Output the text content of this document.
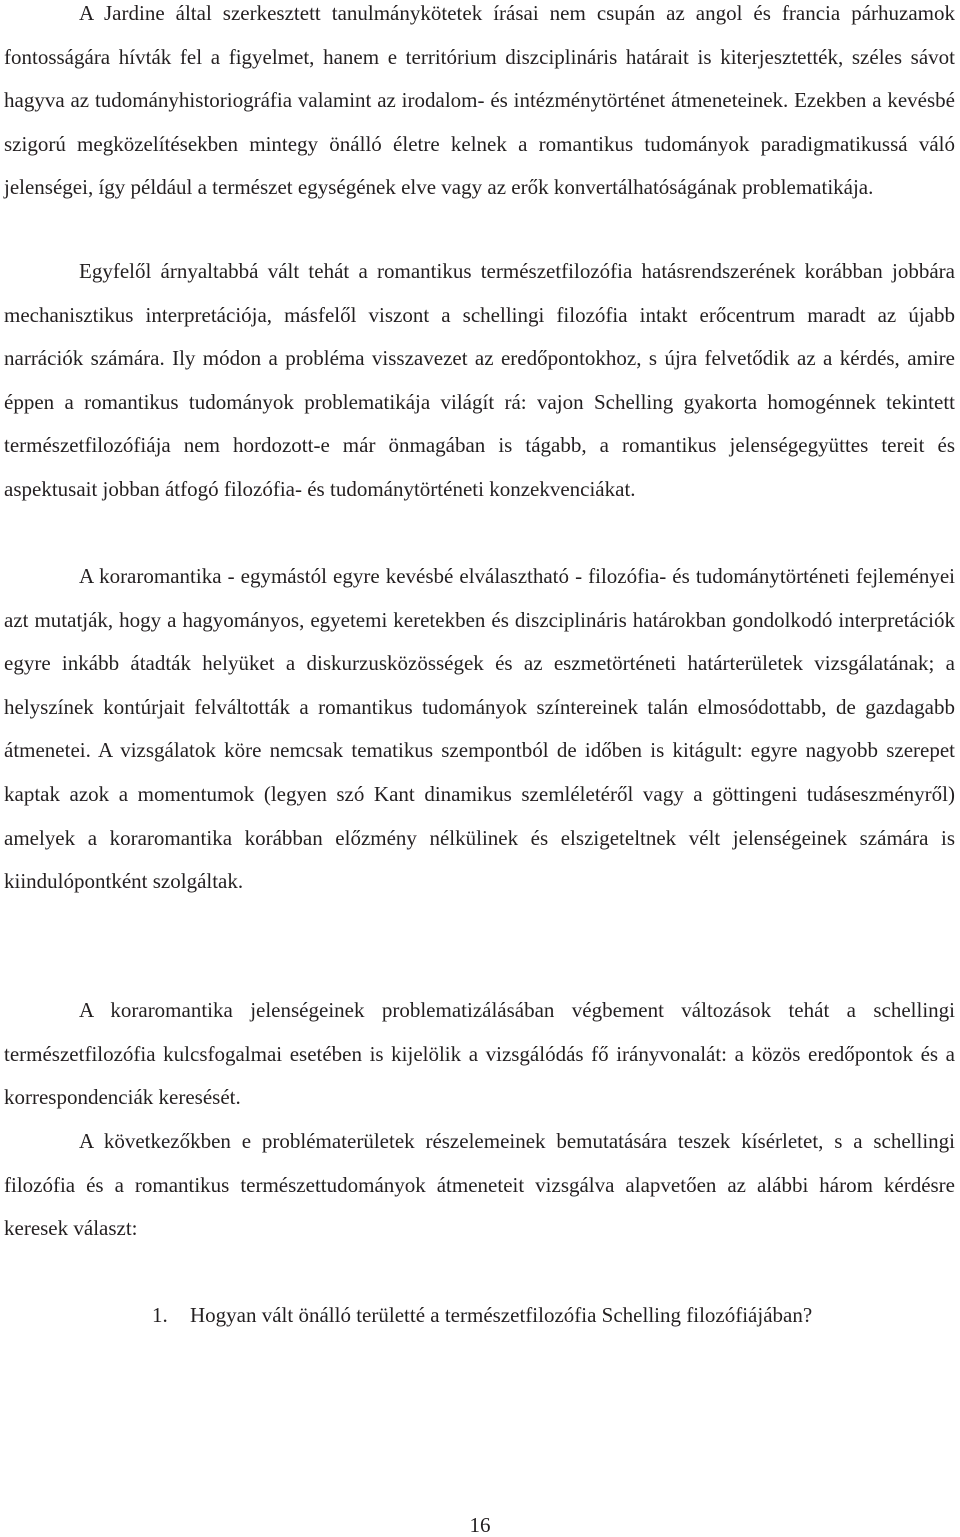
A Jardine által szerkesztett tanulmánykötetek írásai nem csupán az angol és francia párhuzamok fontosságára hívták fel a figyelmet, hanem e territórium diszciplináris határait is kiterjesztették, széles sávot hagyva az tudományhistoriográfia valamint az irodalom- és intézménytörténet átmeneteinek. Ezekben a kevésbé szigorú megközelítésekben mintegy önálló életre kelnek a romantikus tudományok paradigmatikussá váló jelenségei, így például a természet egységének elve vagy az erők konvertálhatóságának problematikája.

Egyfelől árnyaltabbá vált tehát a romantikus természetfilozófia hatásrendszerének korábban jobbára mechanisztikus interpretációja, másfelől viszont a schellingi filozófia intakt erőcentrum maradt az újabb narrációk számára. Ily módon a probléma visszavezet az eredőpontokhoz, s újra felvetődik az a kérdés, amire éppen a romantikus tudományok problematikája világít rá: vajon Schelling gyakorta homogénnek tekintett természetfilozófiája nem hordozott-e már önmagában is tágabb, a romantikus jelenségegyüttes tereit és aspektusait jobban átfogó filozófia- és tudománytörténeti konzekvenciákat.

A koraromantika - egymástól egyre kevésbé elválasztható - filozófia- és tudománytörténeti fejleményei azt mutatják, hogy a hagyományos, egyetemi keretekben és diszciplináris határokban gondolkodó interpretációk egyre inkább átadták helyüket a diskurzusközösségek és az eszmetörténeti határterületek vizsgálatának; a helyszínek kontúrjait felváltották a romantikus tudományok színtereinek talán elmosódottabb, de gazdagabb átmenetei. A vizsgálatok köre nemcsak tematikus szempontból de időben is kitágult: egyre nagyobb szerepet kaptak azok a momentumok (legyen szó Kant dinamikus szemléletéről vagy a göttingeni tudáseszményről) amelyek a koraromantika korábban előzmény nélkülinek és elszigeteltnek vélt jelenségeinek számára is kiindulópontként szolgáltak.

A koraromantika jelenségeinek problematizálásában végbement változások tehát a schellingi természetfilozófia kulcsfogalmai esetében is kijelölik a vizsgálódás fő irányvonalát: a közös eredőpontok és a korrespondenciák keresését.

A következőkben e problématerületek részelemeinek bemutatására teszek kísérletet, s a schellingi filozófia és a romantikus természettudományok átmeneteit vizsgálva alapvetően az alábbi három kérdésre keresek választ:

1. Hogyan vált önálló területté a természetfilozófia Schelling filozófiájában?
16
